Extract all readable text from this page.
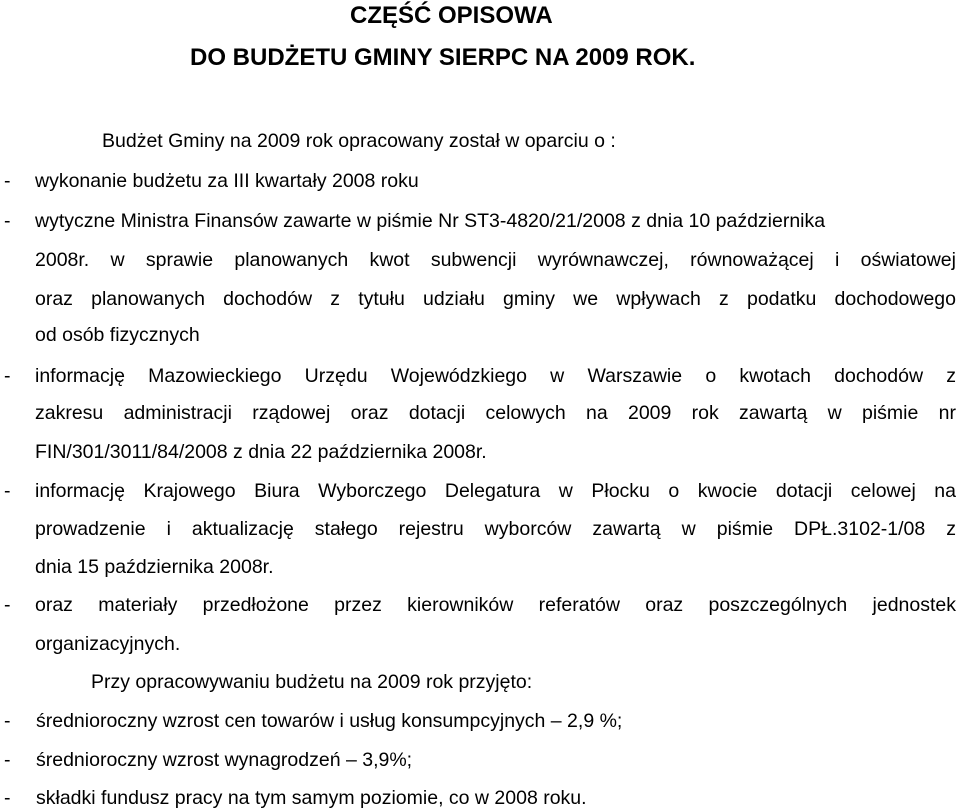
CZĘŚĆ OPISOWA
DO BUDŻETU GMINY SIERPC NA 2009 ROK.
Budżet Gminy na 2009 rok opracowany został w oparciu o :
- wykonanie budżetu za III kwartały 2008 roku
- wytyczne Ministra Finansów zawarte w piśmie Nr ST3-4820/21/2008 z dnia 10 października
2008r. w sprawie planowanych kwot subwencji wyrównawczej, równoważącej i oświatowej
oraz planowanych dochodów z tytułu udziału gminy we wpływach z podatku dochodowego
od osób fizycznych
- informację Mazowieckiego Urzędu Wojewódzkiego w Warszawie o kwotach dochodów z
zakresu administracji rządowej oraz dotacji celowych na 2009 rok zawartą w piśmie nr
FIN/301/3011/84/2008 z dnia 22 października 2008r.
- informację Krajowego Biura Wyborczego Delegatura w Płocku o kwocie dotacji celowej na
prowadzenie i aktualizację stałego rejestru wyborców zawartą w piśmie DPŁ.3102-1/08 z
dnia 15 października 2008r.
- oraz materiały przedłożone przez kierowników referatów oraz poszczególnych jednostek
organizacyjnych.
Przy opracowywaniu budżetu na 2009 rok przyjęto:
- średnioroczny wzrost cen towarów i usług konsumpcyjnych – 2,9 %;
- średnioroczny wzrost wynagrodzeń – 3,9%;
- składki fundusz pracy na tym samym poziomie, co w 2008 roku.
